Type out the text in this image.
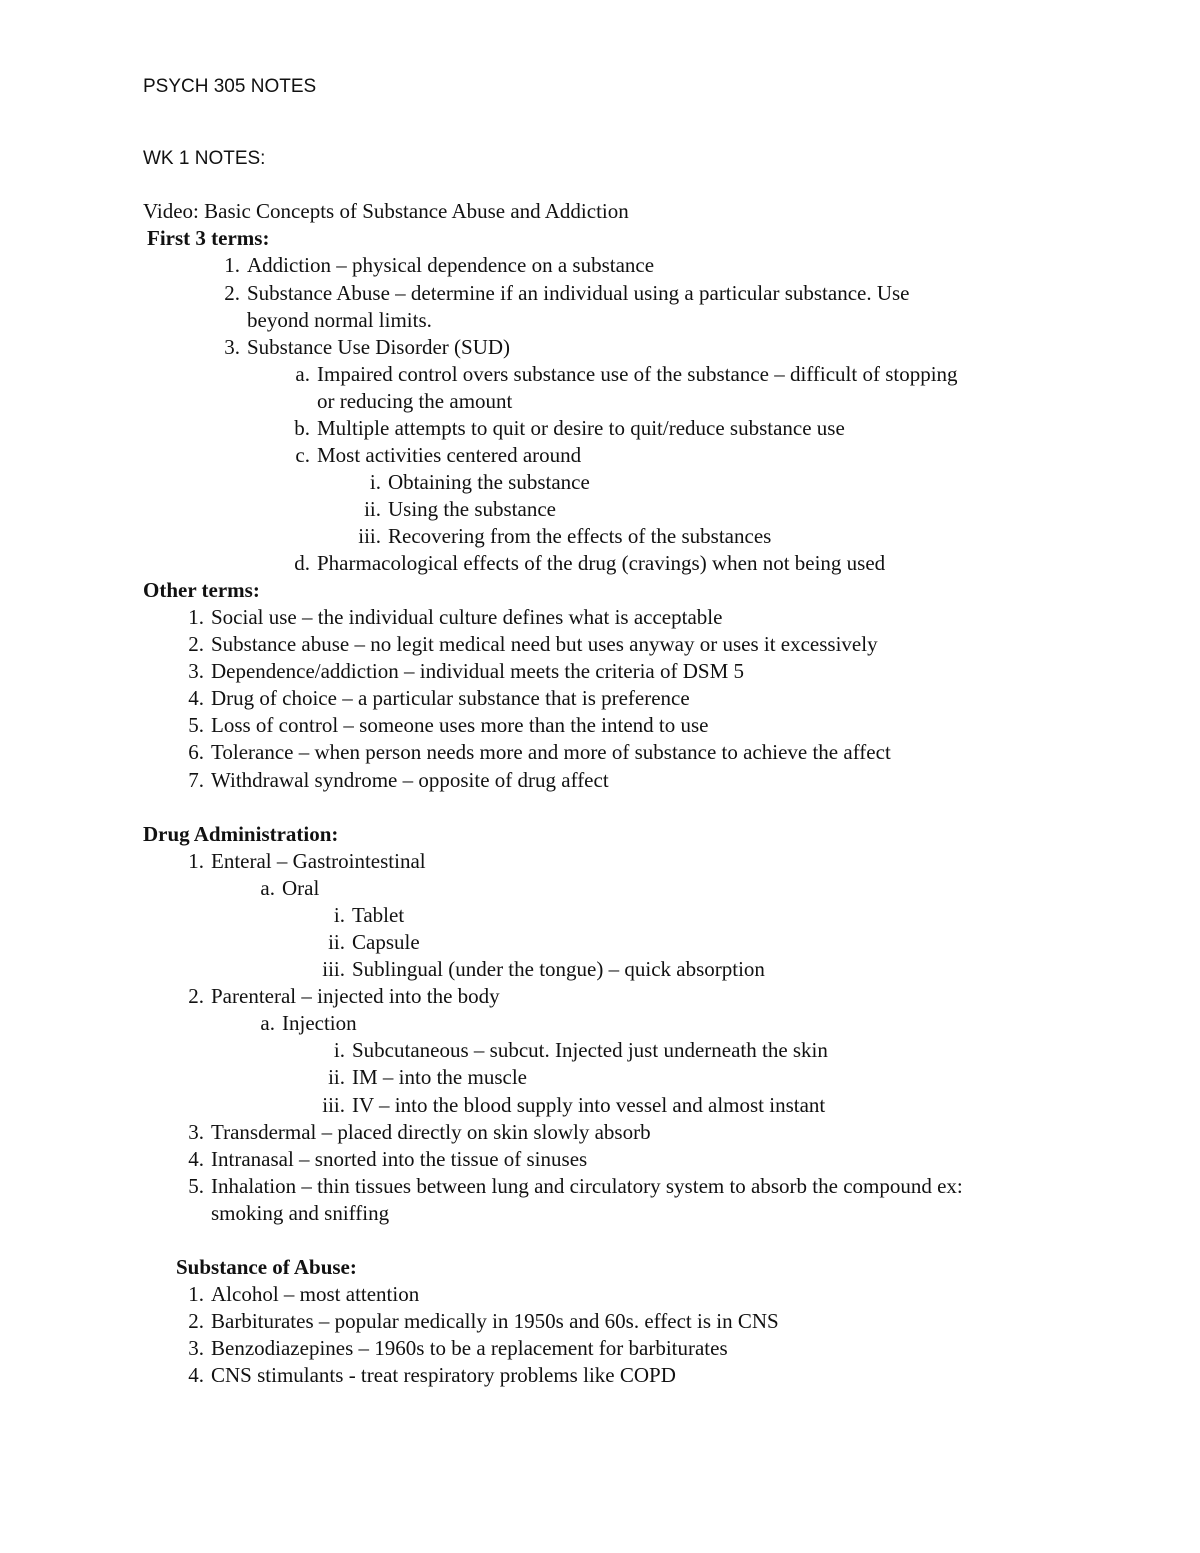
PSYCH 305 NOTES
WK 1 NOTES:
Video: Basic Concepts of Substance Abuse and Addiction
First 3 terms:
1. Addiction – physical dependence on a substance
2. Substance Abuse – determine if an individual using a particular substance. Use
beyond normal limits.
3. Substance Use Disorder (SUD)
a. Impaired control overs substance use of the substance – difficult of stopping
or reducing the amount
b. Multiple attempts to quit or desire to quit/reduce substance use
c. Most activities centered around
i. Obtaining the substance
ii. Using the substance
iii. Recovering from the effects of the substances
d. Pharmacological effects of the drug (cravings) when not being used
Other terms:
1. Social use – the individual culture defines what is acceptable
2. Substance abuse – no legit medical need but uses anyway or uses it excessively
3. Dependence/addiction – individual meets the criteria of DSM 5
4. Drug of choice – a particular substance that is preference
5. Loss of control – someone uses more than the intend to use
6. Tolerance – when person needs more and more of substance to achieve the affect
7. Withdrawal syndrome – opposite of drug affect
Drug Administration:
1. Enteral – Gastrointestinal
a. Oral
i. Tablet
ii. Capsule
iii. Sublingual (under the tongue) – quick absorption
2. Parenteral – injected into the body
a. Injection
i. Subcutaneous – subcut. Injected just underneath the skin
ii. IM – into the muscle
iii. IV – into the blood supply into vessel and almost instant
3. Transdermal – placed directly on skin slowly absorb
4. Intranasal – snorted into the tissue of sinuses
5. Inhalation – thin tissues between lung and circulatory system to absorb the compound ex:
smoking and sniffing
Substance of Abuse:
1. Alcohol – most attention
2. Barbiturates – popular medically in 1950s and 60s. effect is in CNS
3. Benzodiazepines – 1960s to be a replacement for barbiturates
4. CNS stimulants - treat respiratory problems like COPD
